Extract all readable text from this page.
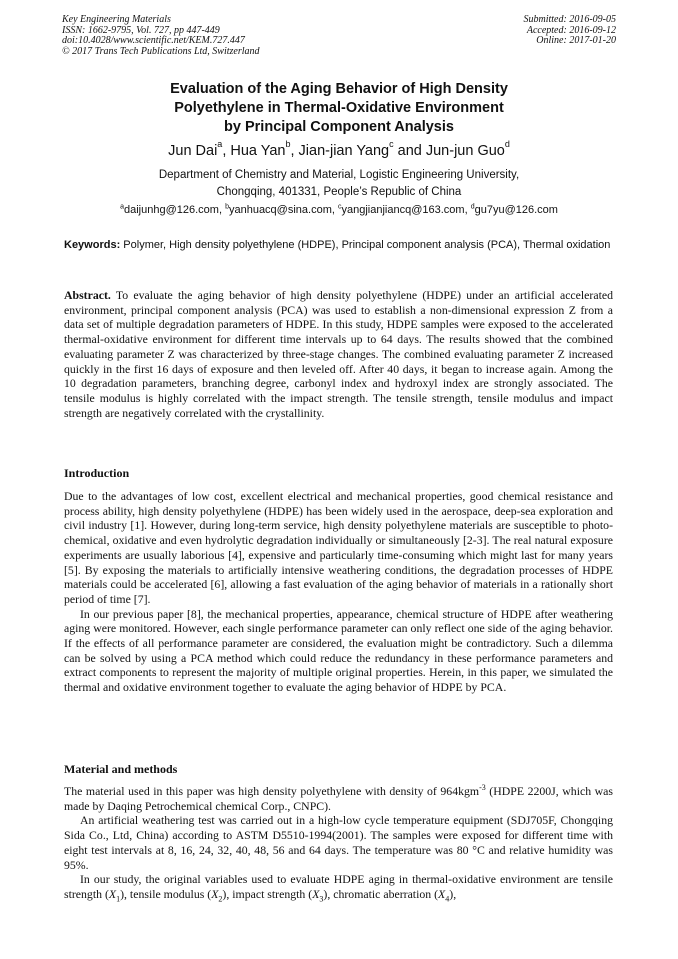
Key Engineering Materials
ISSN: 1662-9795, Vol. 727, pp 447-449
doi:10.4028/www.scientific.net/KEM.727.447
© 2017 Trans Tech Publications Ltd, Switzerland
Submitted: 2016-09-05
Accepted: 2016-09-12
Online: 2017-01-20
Evaluation of the Aging Behavior of High Density
Polyethylene in Thermal-Oxidative Environment
by Principal Component Analysis
Jun Dai$^a$, Hua Yan$^b$, Jian-jian Yang$^c$ and Jun-jun Guo$^d$
Department of Chemistry and Material, Logistic Engineering University,
Chongqing, 401331, People’s Republic of China
$^a$daijunhg@126.com, $^b$yanhuacq@sina.com, $^c$yangjianjiancq@163.com, $^d$gu7yu@126.com
Keywords: Polymer, High density polyethylene (HDPE), Principal component analysis (PCA), Thermal oxidation

Abstract. To evaluate the aging behavior of high density polyethylene (HDPE) under an artificial accelerated environment, principal component analysis (PCA) was used to establish a non-dimensional expression Z from a data set of multiple degradation parameters of HDPE. In this study, HDPE samples were exposed to the accelerated thermal-oxidative environment for different time intervals up to 64 days. The results showed that the combined evaluating parameter Z was characterized by three-stage changes. The combined evaluating parameter Z increased quickly in the first 16 days of exposure and then leveled off. After 40 days, it began to increase again. Among the 10 degradation parameters, branching degree, carbonyl index and hydroxyl index are strongly associated. The tensile modulus is highly correlated with the impact strength. The tensile strength, tensile modulus and impact strength are negatively correlated with the crystallinity.

Introduction

Due to the advantages of low cost, excellent electrical and mechanical properties, good chemical resistance and process ability, high density polyethylene (HDPE) has been widely used in the aerospace, deep-sea exploration and civil industry [1]. However, during long-term service, high density polyethylene materials are susceptible to photo-chemical, oxidative and even hydrolytic degradation individually or simultaneously [2-3]. The real natural exposure experiments are usually laborious [4], expensive and particularly time-consuming which might last for many years [5]. By exposing the materials to artificially intensive weathering conditions, the degradation processes of HDPE materials could be accelerated [6], allowing a fast evaluation of the aging behavior of materials in a rationally short period of time [7].

In our previous paper [8], the mechanical properties, appearance, chemical structure of HDPE after weathering aging were monitored. However, each single performance parameter can only reflect one side of the aging behavior. If the effects of all performance parameter are considered, the evaluation might be contradictory. Such a dilemma can be solved by using a PCA method which could reduce the redundancy in these performance parameters and extract components to represent the majority of multiple original properties. Herein, in this paper, we simulated the thermal and oxidative environment together to evaluate the aging behavior of HDPE by PCA.

Material and methods

The material used in this paper was high density polyethylene with density of 964kgm$^{-3}$ (HDPE 2200J, which was made by Daqing Petrochemical chemical Corp., CNPC).

An artificial weathering test was carried out in a high-low cycle temperature equipment (SDJ705F, Chongqing Sida Co., Ltd, China) according to ASTM D5510-1994(2001). The samples were exposed for different time with eight test intervals at 8, 16, 24, 32, 40, 48, 56 and 64 days. The temperature was 80 °C and relative humidity was 95%.

In our study, the original variables used to evaluate HDPE aging in thermal-oxidative environment are tensile strength $(X_1)$, tensile modulus $(X_2)$, impact strength $(X_3)$, chromatic aberration $(X_4)$,
